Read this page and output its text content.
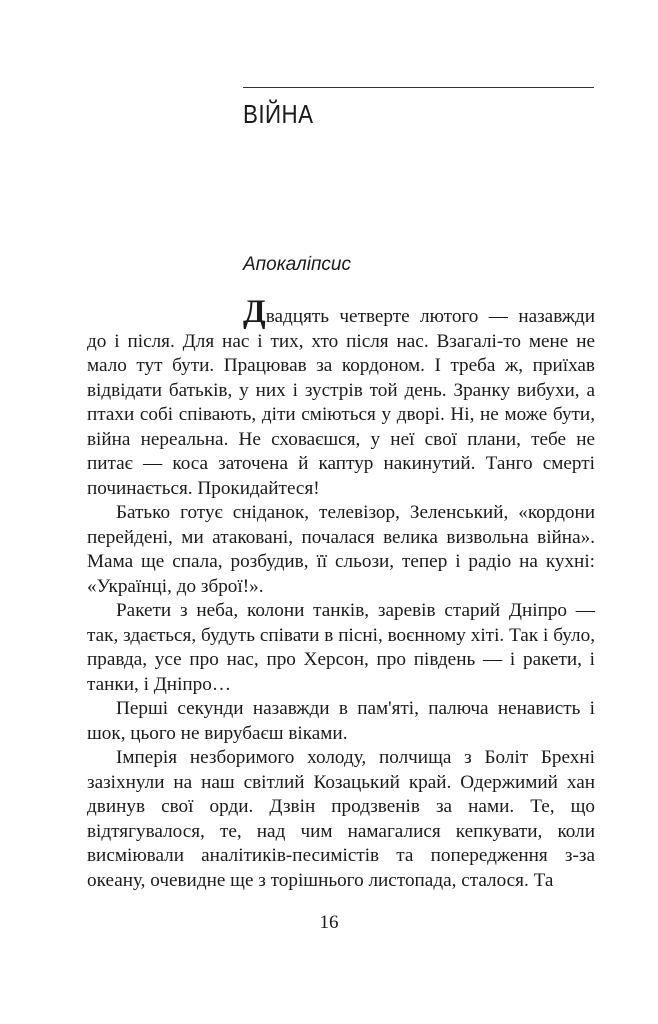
ВІЙНА
Апокаліпсис

Двадцять четверте лютого — назавжди до і після. Для нас і тих, хто після нас. Взагалі-то мене не мало тут бути. Працював за кордоном. І треба ж, приїхав відвідати батьків, у них і зустрів той день. Зранку вибухи, а птахи собі співають, діти сміються у дворі. Ні, не може бути, війна нереальна. Не сховаєшся, у неї свої плани, тебе не питає — коса заточена й каптур накинутий. Танго смерті починається. Прокидайтеся!

Батько готує сніданок, телевізор, Зеленський, «кордони перейдені, ми атаковані, почалася велика визвольна війна». Мама ще спала, розбудив, її сльози, тепер і радіо на кухні: «Українці, до зброї!».

Ракети з неба, колони танків, заревів старий Дніпро — так, здається, будуть співати в пісні, воєнному хіті. Так і було, правда, усе про нас, про Херсон, про південь — і ракети, і танки, і Дніпро…

Перші секунди назавжди в пам'яті, палюча ненависть і шок, цього не вирубаєш віками.

Імперія незборимого холоду, полчища з Боліт Брехні зазіхнули на наш світлий Козацький край. Одержимий хан двинув свої орди. Дзвін продзвенів за нами. Те, що відтягувалося, те, над чим намагалися кепкувати, коли висміювали аналітиків-песимістів та попередження з-за океану, очевидне ще з торішнього листопада, сталося. Та

16
